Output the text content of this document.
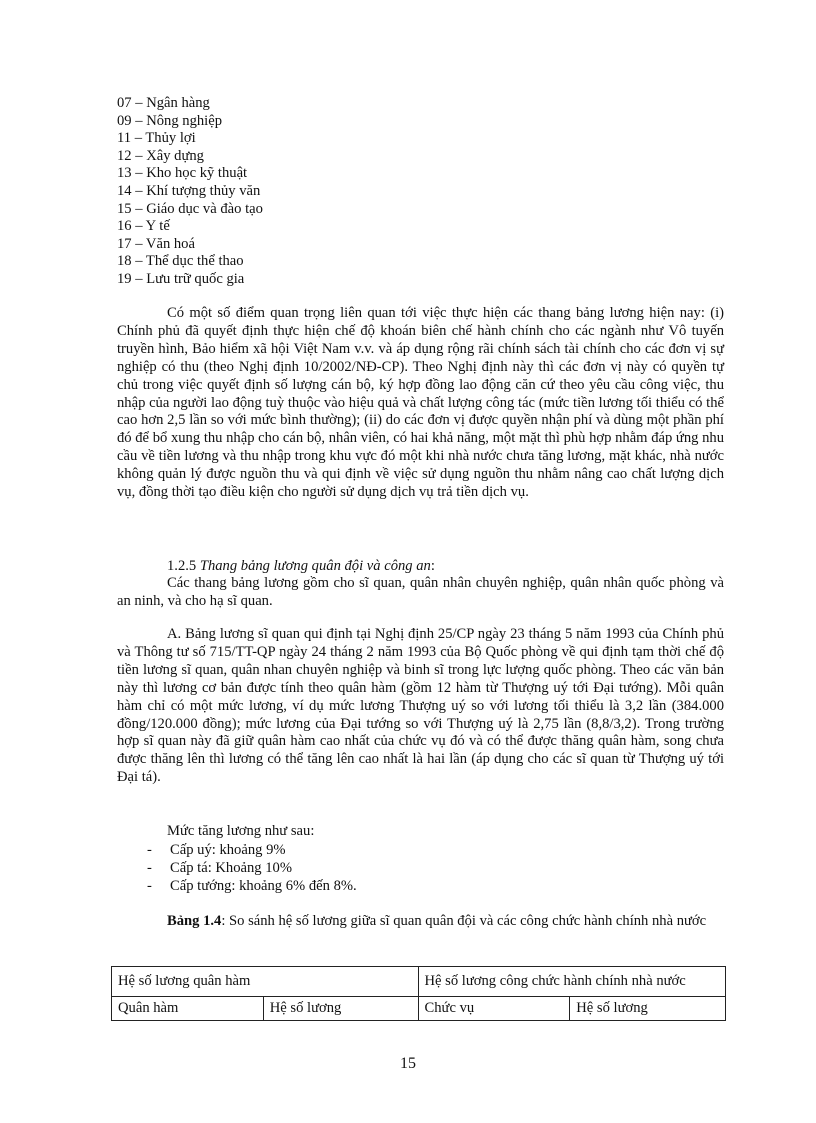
07 – Ngân hàng
09 – Nông nghiệp
11 – Thủy lợi
12 – Xây dựng
13 – Kho học kỹ thuật
14 – Khí tượng thủy văn
15 – Giáo dục và đào tạo
16 – Y tế
17 – Văn hoá
18 – Thể dục thể thao
19 – Lưu trữ quốc gia

Có một số điểm quan trọng liên quan tới việc thực hiện các thang bảng lương hiện nay: (i) Chính phủ đã quyết định thực hiện chế độ khoán biên chế hành chính cho các ngành như Vô tuyến truyền hình, Bảo hiểm xã hội Việt Nam v.v. và áp dụng rộng rãi chính sách tài chính cho các đơn vị sự nghiệp có thu (theo Nghị định 10/2002/NĐ-CP). Theo Nghị định này thì các đơn vị này có quyền tự chủ trong việc quyết định số lượng cán bộ, ký hợp đồng lao động căn cứ theo yêu cầu công việc, thu nhập của người lao động tuỳ thuộc vào hiệu quả và chất lượng công tác (mức tiền lương tối thiểu có thể cao hơn 2,5 lần so với mức bình thường); (ii) do các đơn vị được quyền nhận phí và dùng một phần phí đó để bổ xung thu nhập cho cán bộ, nhân viên, có hai khả năng, một mặt thì phù hợp nhằm đáp ứng nhu cầu về tiền lương và thu nhập trong khu vực đó một khi nhà nước chưa tăng lương, mặt khác, nhà nước không quản lý được nguồn thu và qui định về việc sử dụng nguồn thu nhằm nâng cao chất lượng dịch vụ, đồng thời tạo điều kiện cho người sử dụng dịch vụ trả tiền dịch vụ.

1.2.5 Thang bảng lương quân đội và công an:

Các thang bảng lương gồm cho sĩ quan, quân nhân chuyên nghiệp, quân nhân quốc phòng và an ninh, và cho hạ sĩ quan.

A. Bảng lương sĩ quan qui định tại Nghị định 25/CP ngày 23 tháng 5 năm 1993 của Chính phủ và Thông tư số 715/TT-QP ngày 24 tháng 2 năm 1993 của Bộ Quốc phòng về qui định tạm thời chế độ tiền lương sĩ quan, quân nhan chuyên nghiệp và binh sĩ trong lực lượng quốc phòng. Theo các văn bản này thì lương cơ bản được tính theo quân hàm (gồm 12 hàm từ Thượng uý tới Đại tướng). Mỗi quân hàm chỉ có một mức lương, ví dụ mức lương Thượng uý so với lương tối thiểu là 3,2 lần (384.000 đồng/120.000 đồng); mức lương của Đại tướng so với Thượng uý là 2,75 lần (8,8/3,2). Trong trường hợp sĩ quan này đã giữ quân hàm cao nhất của chức vụ đó và có thể được thăng quân hàm, song chưa được thăng lên thì lương có thể tăng lên cao nhất là hai lần (áp dụng cho các sĩ quan từ Thượng uý tới Đại tá).

Mức tăng lương như sau:
-	Cấp uý: khoảng 9%
-	Cấp tá: Khoảng 10%
-	Cấp tướng: khoảng 6% đến 8%.
Bảng 1.4: So sánh hệ số lương giữa sĩ quan quân đội và các công chức hành chính nhà nước
Hệ số lương quân hàm		Hệ số lương công chức hành chính nhà nước	
Quân hàm	Hệ số lương	Chức vụ	Hệ số lương
15
